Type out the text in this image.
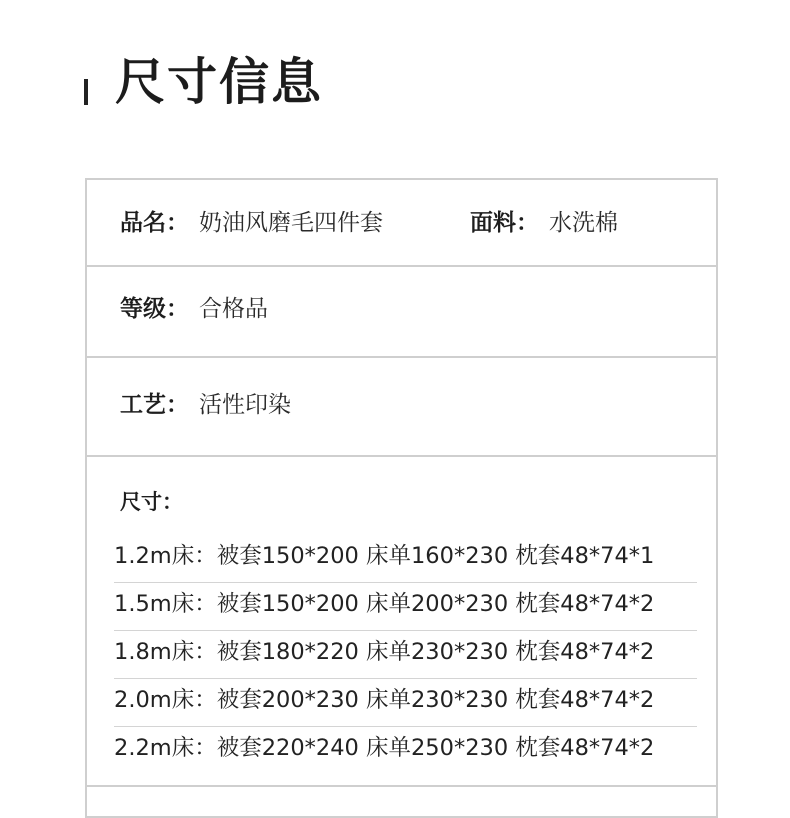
尺寸信息
品名： 奶油风磨毛四件套	面料： 水洗棉
等级： 合格品
工艺： 活性印染
尺寸：
1.2m床：被套150*200 床单160*230 枕套48*74*1
1.5m床：被套150*200 床单200*230 枕套48*74*2
1.8m床：被套180*220 床单230*230 枕套48*74*2
2.0m床：被套200*230 床单230*230 枕套48*74*2
2.2m床：被套220*240 床单250*230 枕套48*74*2
